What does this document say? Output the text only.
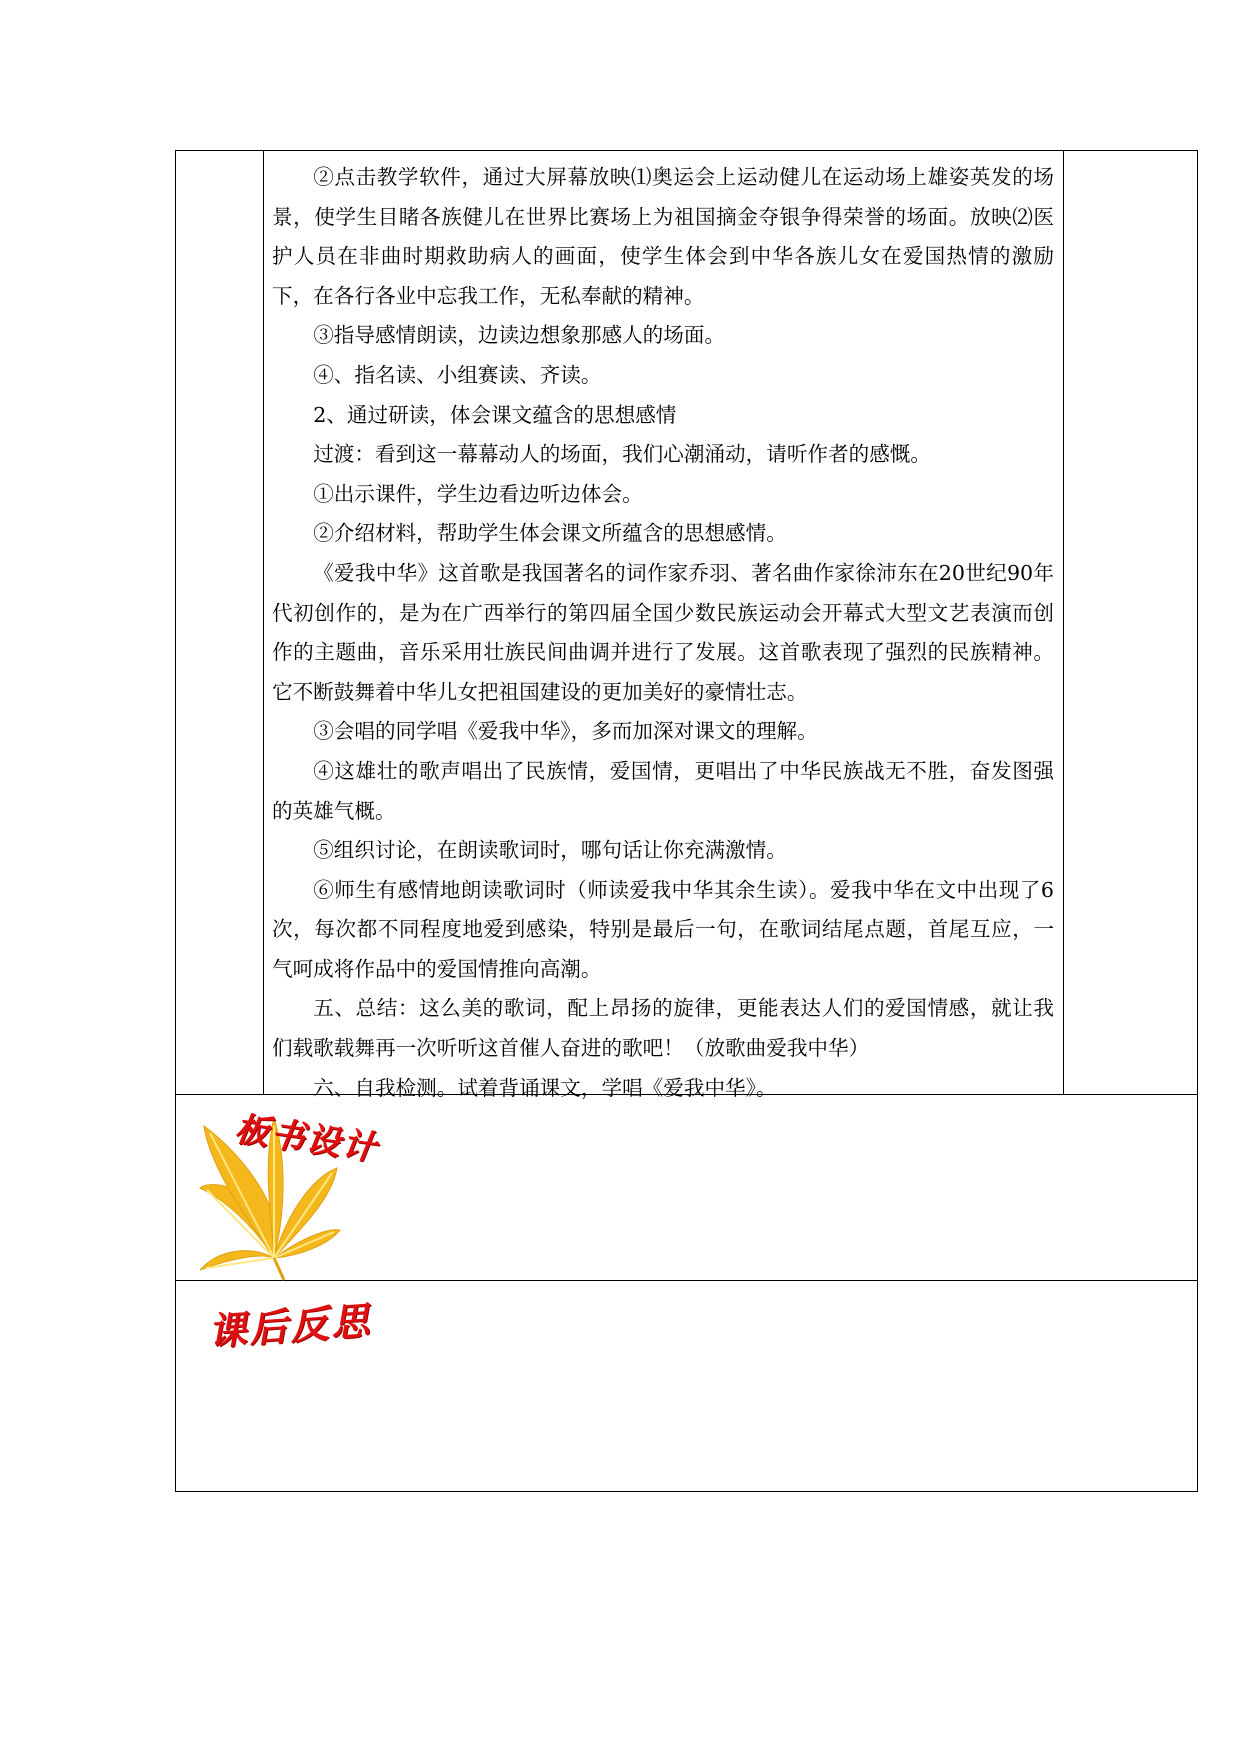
②点击教学软件，通过大屏幕放映⑴奥运会上运动健儿在运动场上雄姿英发的场景，使学生目睹各族健儿在世界比赛场上为祖国摘金夺银争得荣誉的场面。放映⑵医护人员在非曲时期救助病人的画面，使学生体会到中华各族儿女在爱国热情的激励下，在各行各业中忘我工作，无私奉献的精神。

③指导感情朗读，边读边想象那感人的场面。

④、指名读、小组赛读、齐读。

2、通过研读，体会课文蕴含的思想感情

过渡：看到这一幕幕动人的场面，我们心潮涌动，请听作者的感慨。

①出示课件，学生边看边听边体会。

②介绍材料，帮助学生体会课文所蕴含的思想感情。

《爱我中华》这首歌是我国著名的词作家乔羽、著名曲作家徐沛东在20世纪90年代初创作的，是为在广西举行的第四届全国少数民族运动会开幕式大型文艺表演而创作的主题曲，音乐采用壮族民间曲调并进行了发展。这首歌表现了强烈的民族精神。它不断鼓舞着中华儿女把祖国建设的更加美好的豪情壮志。

③会唱的同学唱《爱我中华》，多而加深对课文的理解。

④这雄壮的歌声唱出了民族情，爱国情，更唱出了中华民族战无不胜，奋发图强的英雄气概。

⑤组织讨论，在朗读歌词时，哪句话让你充满激情。

⑥师生有感情地朗读歌词时（师读爱我中华其余生读）。爱我中华在文中出现了6次，每次都不同程度地爱到感染，特别是最后一句，在歌词结尾点题，首尾互应，一气呵成将作品中的爱国情推向高潮。

五、总结：这么美的歌词，配上昂扬的旋律，更能表达人们的爱国情感，就让我们载歌载舞再一次听听这首催人奋进的歌吧！（放歌曲爱我中华）

六、自我检测。试着背诵课文，学唱《爱我中华》。

板书设计
课后反思
